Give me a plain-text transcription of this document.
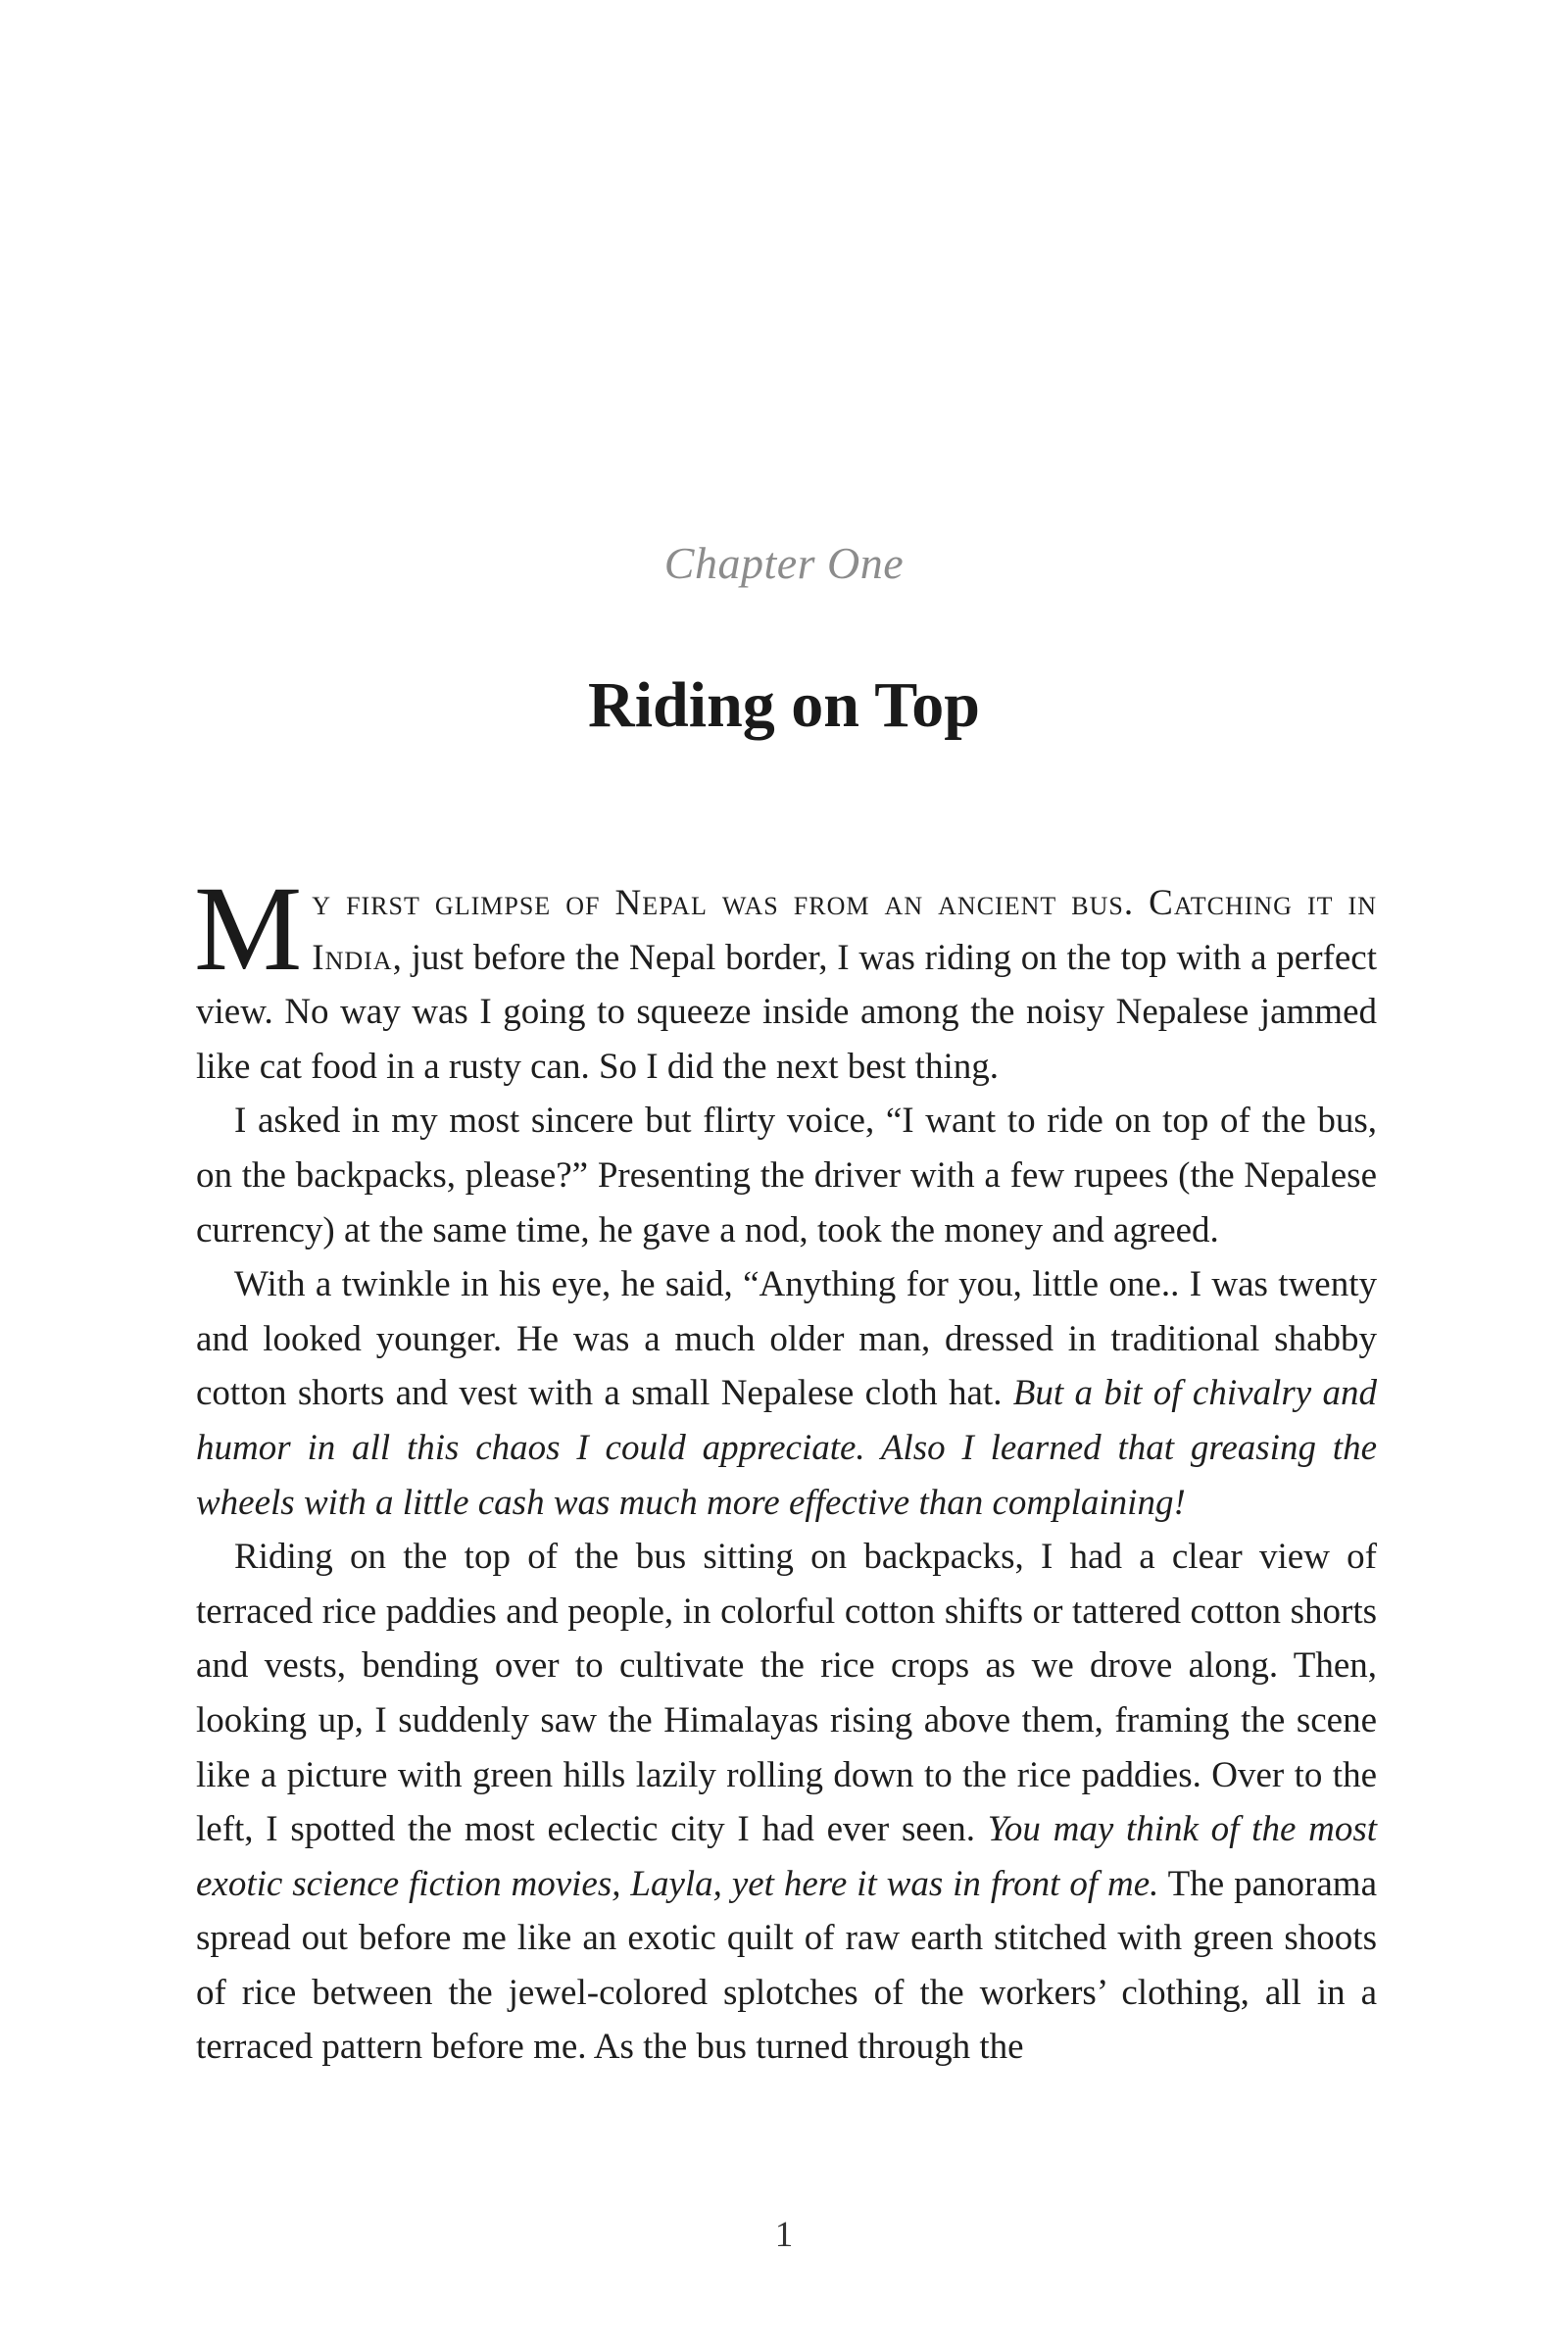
Chapter One
Riding on Top

My first glimpse of Nepal was from an ancient bus. Catching it in India, just before the Nepal border, I was riding on the top with a perfect view. No way was I going to squeeze inside among the noisy Nepalese jammed like cat food in a rusty can. So I did the next best thing.

I asked in my most sincere but flirty voice, “I want to ride on top of the bus, on the backpacks, please?” Presenting the driver with a few rupees (the Nepalese currency) at the same time, he gave a nod, took the money and agreed.

With a twinkle in his eye, he said, “Anything for you, little one.. I was twenty and looked younger. He was a much older man, dressed in traditional shabby cotton shorts and vest with a small Nepalese cloth hat. But a bit of chivalry and humor in all this chaos I could appreciate. Also I learned that greasing the wheels with a little cash was much more effective than complaining!

Riding on the top of the bus sitting on backpacks, I had a clear view of terraced rice paddies and people, in colorful cotton shifts or tattered cotton shorts and vests, bending over to cultivate the rice crops as we drove along. Then, looking up, I suddenly saw the Himalayas rising above them, framing the scene like a picture with green hills lazily rolling down to the rice paddies. Over to the left, I spotted the most eclectic city I had ever seen. You may think of the most exotic science fiction movies, Layla, yet here it was in front of me. The panorama spread out before me like an exotic quilt of raw earth stitched with green shoots of rice between the jewel-colored splotches of the workers’ clothing, all in a terraced pattern before me. As the bus turned through the

1
